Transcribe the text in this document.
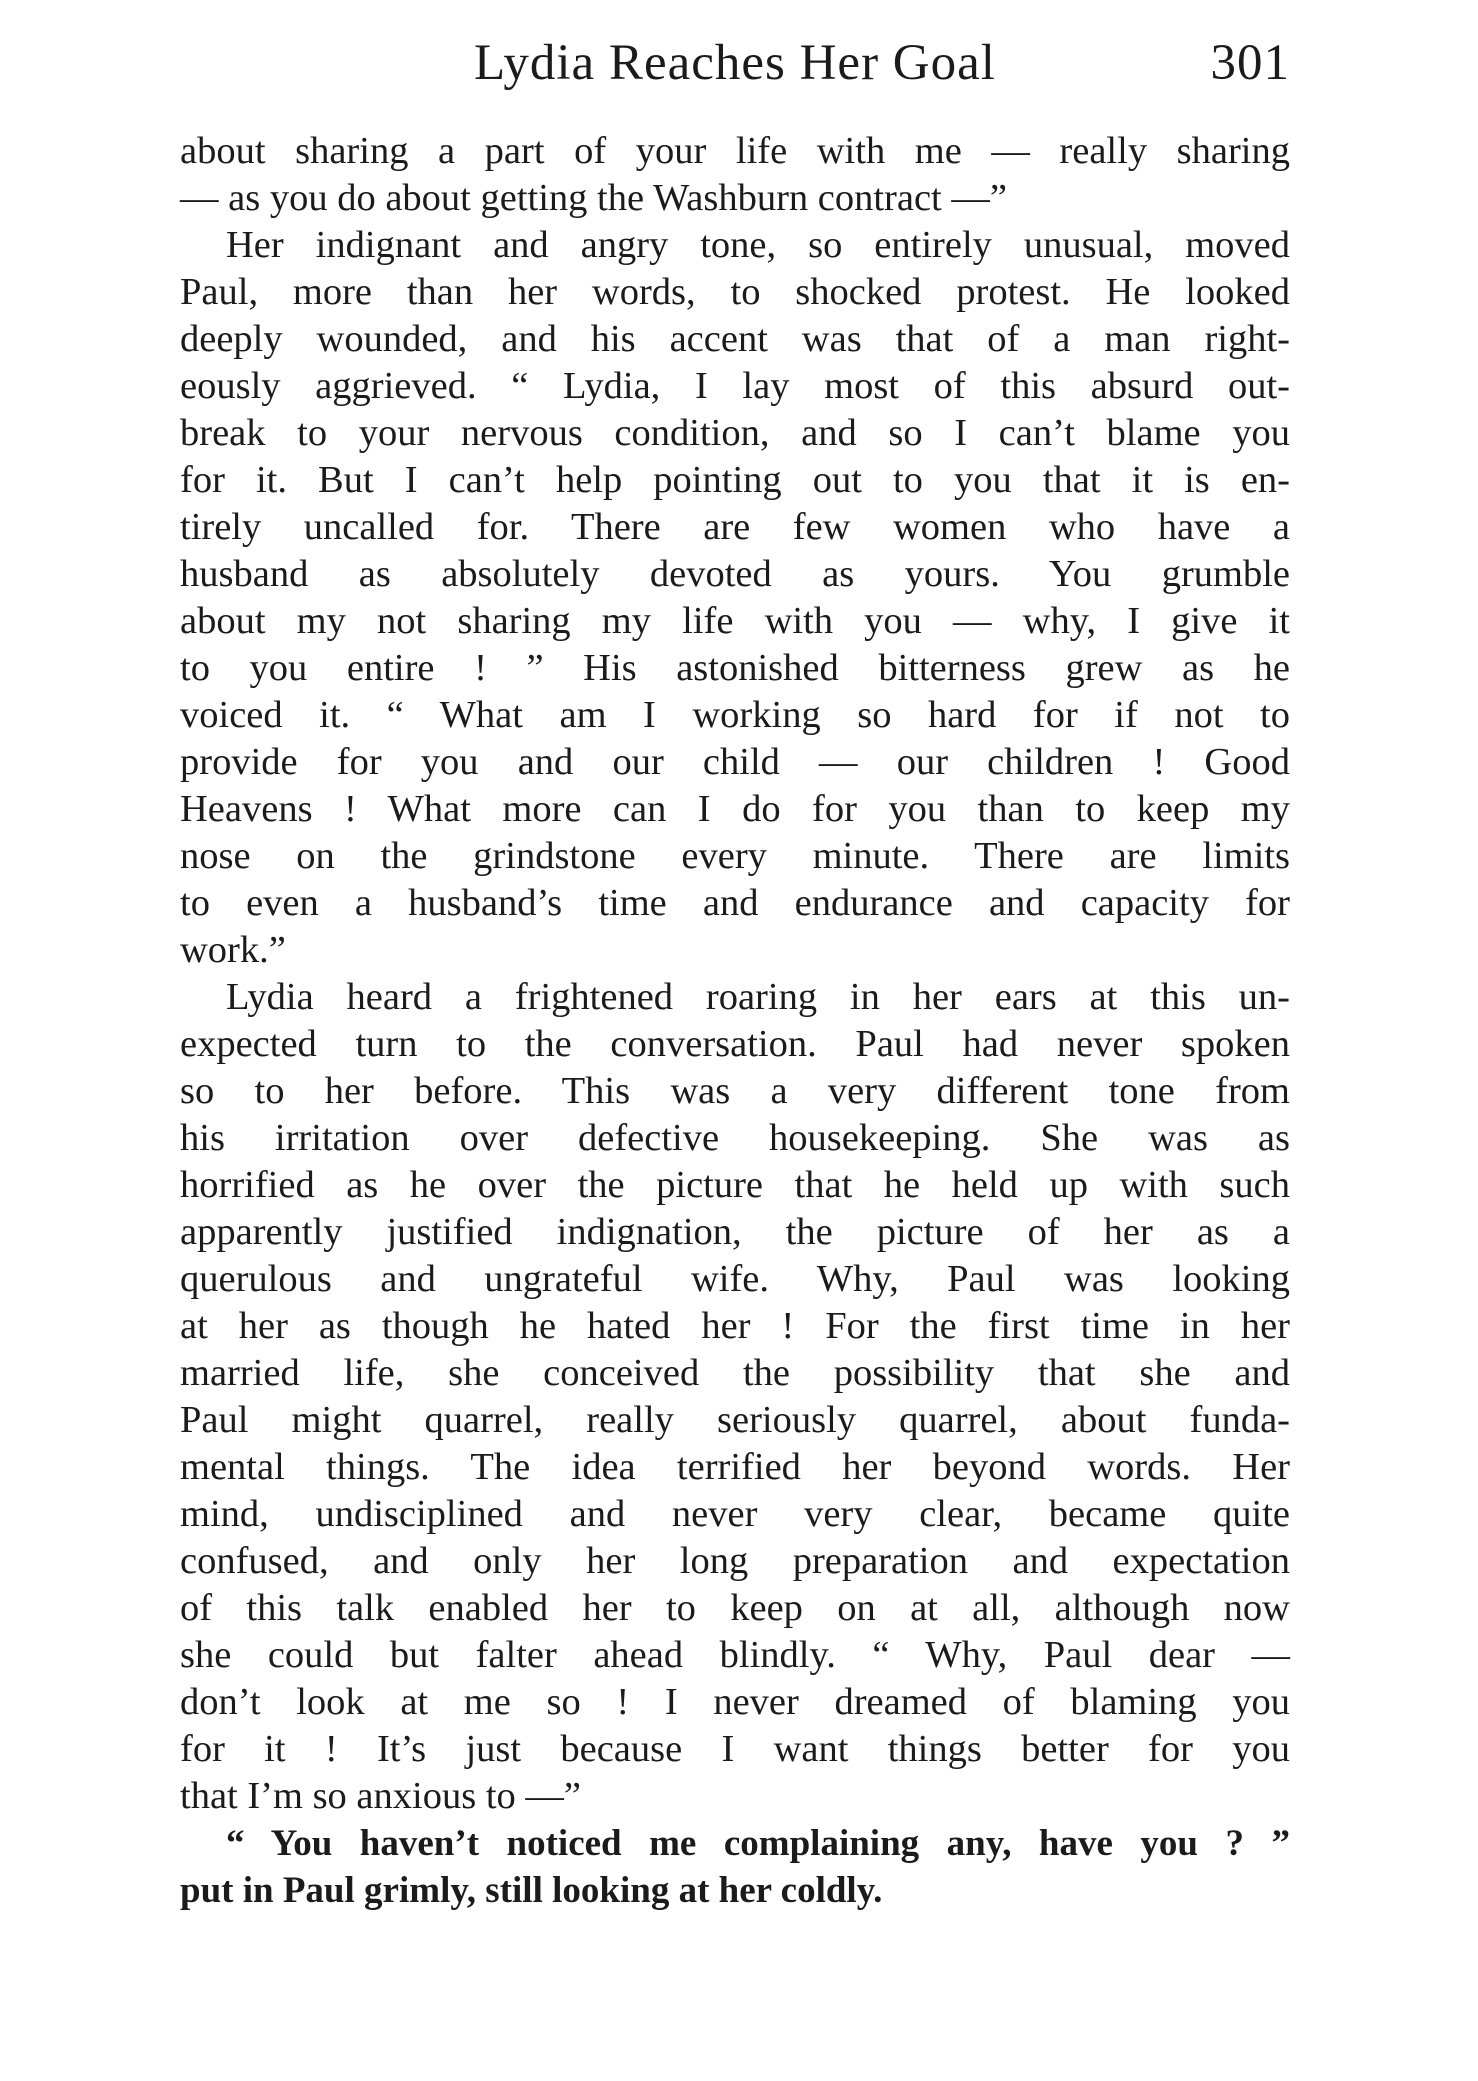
Lydia Reaches Her Goal	301
about sharing a part of your life with me — really sharing
— as you do about getting the Washburn contract —”
Her indignant and angry tone, so entirely unusual, moved
Paul, more than her words, to shocked protest. He looked
deeply wounded, and his accent was that of a man right-
eously aggrieved. “ Lydia, I lay most of this absurd out-
break to your nervous condition, and so I can’t blame you
for it. But I can’t help pointing out to you that it is en-
tirely uncalled for. There are few women who have a
husband as absolutely devoted as yours. You grumble
about my not sharing my life with you — why, I give it
to you entire ! ” His astonished bitterness grew as he
voiced it. “ What am I working so hard for if not to
provide for you and our child — our children ! Good
Heavens ! What more can I do for you than to keep my
nose on the grindstone every minute. There are limits
to even a husband’s time and endurance and capacity for
work.”
Lydia heard a frightened roaring in her ears at this un-
expected turn to the conversation. Paul had never spoken
so to her before. This was a very different tone from
his irritation over defective housekeeping. She was as
horrified as he over the picture that he held up with such
apparently justified indignation, the picture of her as a
querulous and ungrateful wife. Why, Paul was looking
at her as though he hated her ! For the first time in her
married life, she conceived the possibility that she and
Paul might quarrel, really seriously quarrel, about funda-
mental things. The idea terrified her beyond words. Her
mind, undisciplined and never very clear, became quite
confused, and only her long preparation and expectation
of this talk enabled her to keep on at all, although now
she could but falter ahead blindly. “ Why, Paul dear —
don’t look at me so ! I never dreamed of blaming you
for it ! It’s just because I want things better for you
that I’m so anxious to —”
“ You haven’t noticed me complaining any, have you ? ”
put in Paul grimly, still looking at her coldly.
